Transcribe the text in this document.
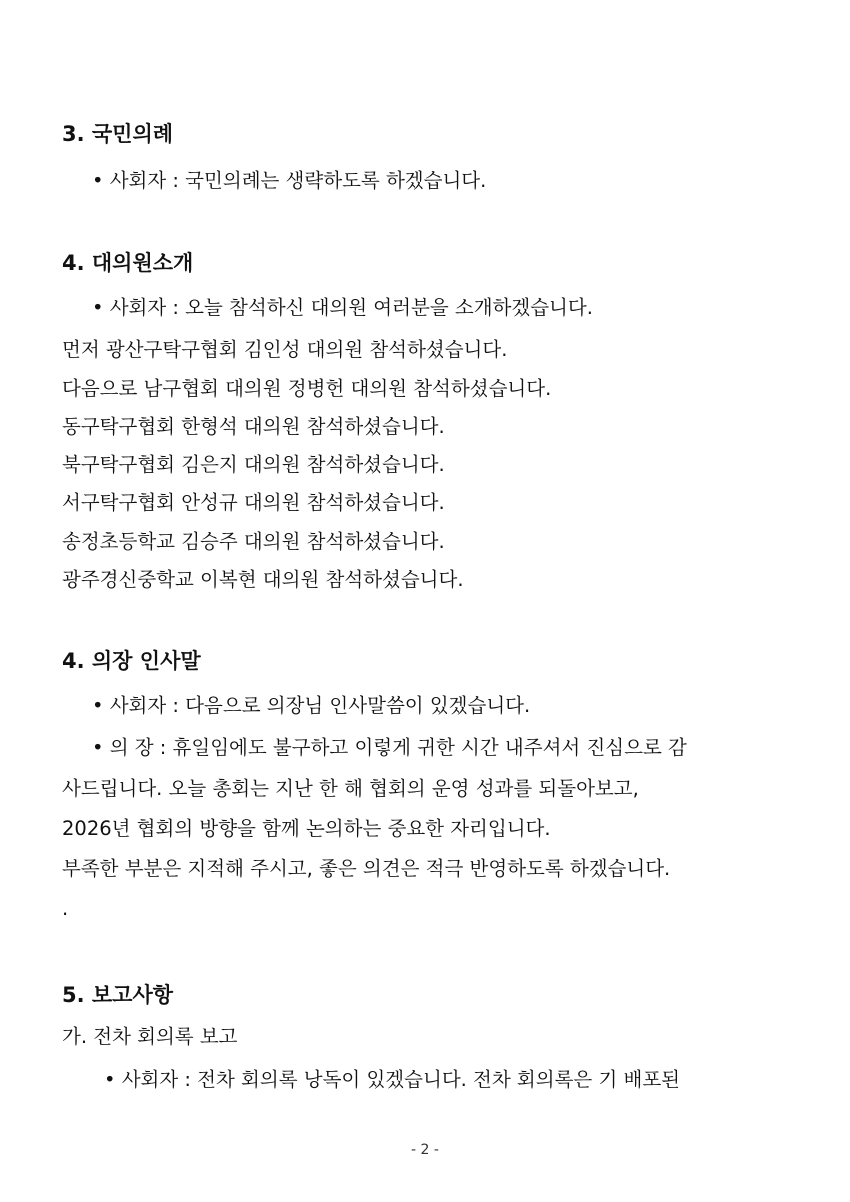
3. 국민의례
• 사회자 : 국민의례는 생략하도록 하겠습니다.
4. 대의원소개
• 사회자 : 오늘 참석하신 대의원 여러분을 소개하겠습니다.
먼저 광산구탁구협회 김인성 대의원 참석하셨습니다.
다음으로 남구협회 대의원 정병헌 대의원 참석하셨습니다.
동구탁구협회 한형석 대의원 참석하셨습니다.
북구탁구협회 김은지 대의원 참석하셨습니다.
서구탁구협회 안성규 대의원 참석하셨습니다.
송정초등학교 김승주 대의원 참석하셨습니다.
광주경신중학교 이복현 대의원 참석하셨습니다.
4. 의장 인사말
• 사회자 : 다음으로 의장님 인사말씀이 있겠습니다.
• 의 장 : 휴일임에도 불구하고 이렇게 귀한 시간 내주셔서 진심으로 감
사드립니다. 오늘 총회는 지난 한 해 협회의 운영 성과를 되돌아보고,
2026년 협회의 방향을 함께 논의하는 중요한 자리입니다.
부족한 부분은 지적해 주시고, 좋은 의견은 적극 반영하도록 하겠습니다.
.
5. 보고사항
가. 전차 회의록 보고
• 사회자 : 전차 회의록 낭독이 있겠습니다. 전차 회의록은 기 배포된
- 2 -
